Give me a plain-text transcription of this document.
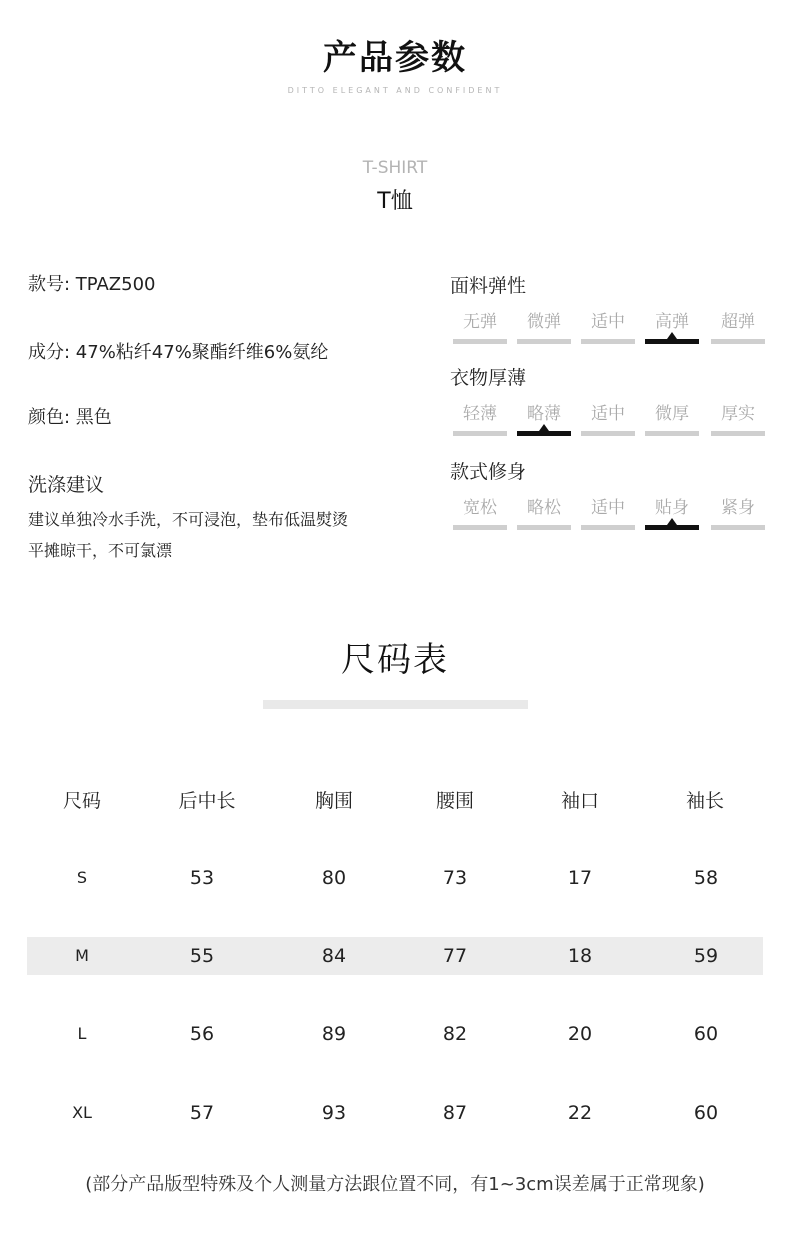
产品参数
DITTO ELEGANT AND CONFIDENT
T-SHIRT
T恤
款号: TPAZ500
成分: 47%粘纤47%聚酯纤维6%氨纶
颜色: 黑色
洗涤建议
建议单独冷水手洗，不可浸泡，垫布低温熨烫
平摊晾干，不可氯漂
面料弹性
无弹	微弹	适中	高弹	超弹
衣物厚薄
轻薄	略薄	适中	微厚	厚实
款式修身
宽松	略松	适中	贴身	紧身
尺码表
尺码	后中长	胸围	腰围	袖口	袖长
S	53	80	73	17	58
M	55	84	77	18	59
L	56	89	82	20	60
XL	57	93	87	22	60
(部分产品版型特殊及个人测量方法跟位置不同，有1~3cm误差属于正常现象)
